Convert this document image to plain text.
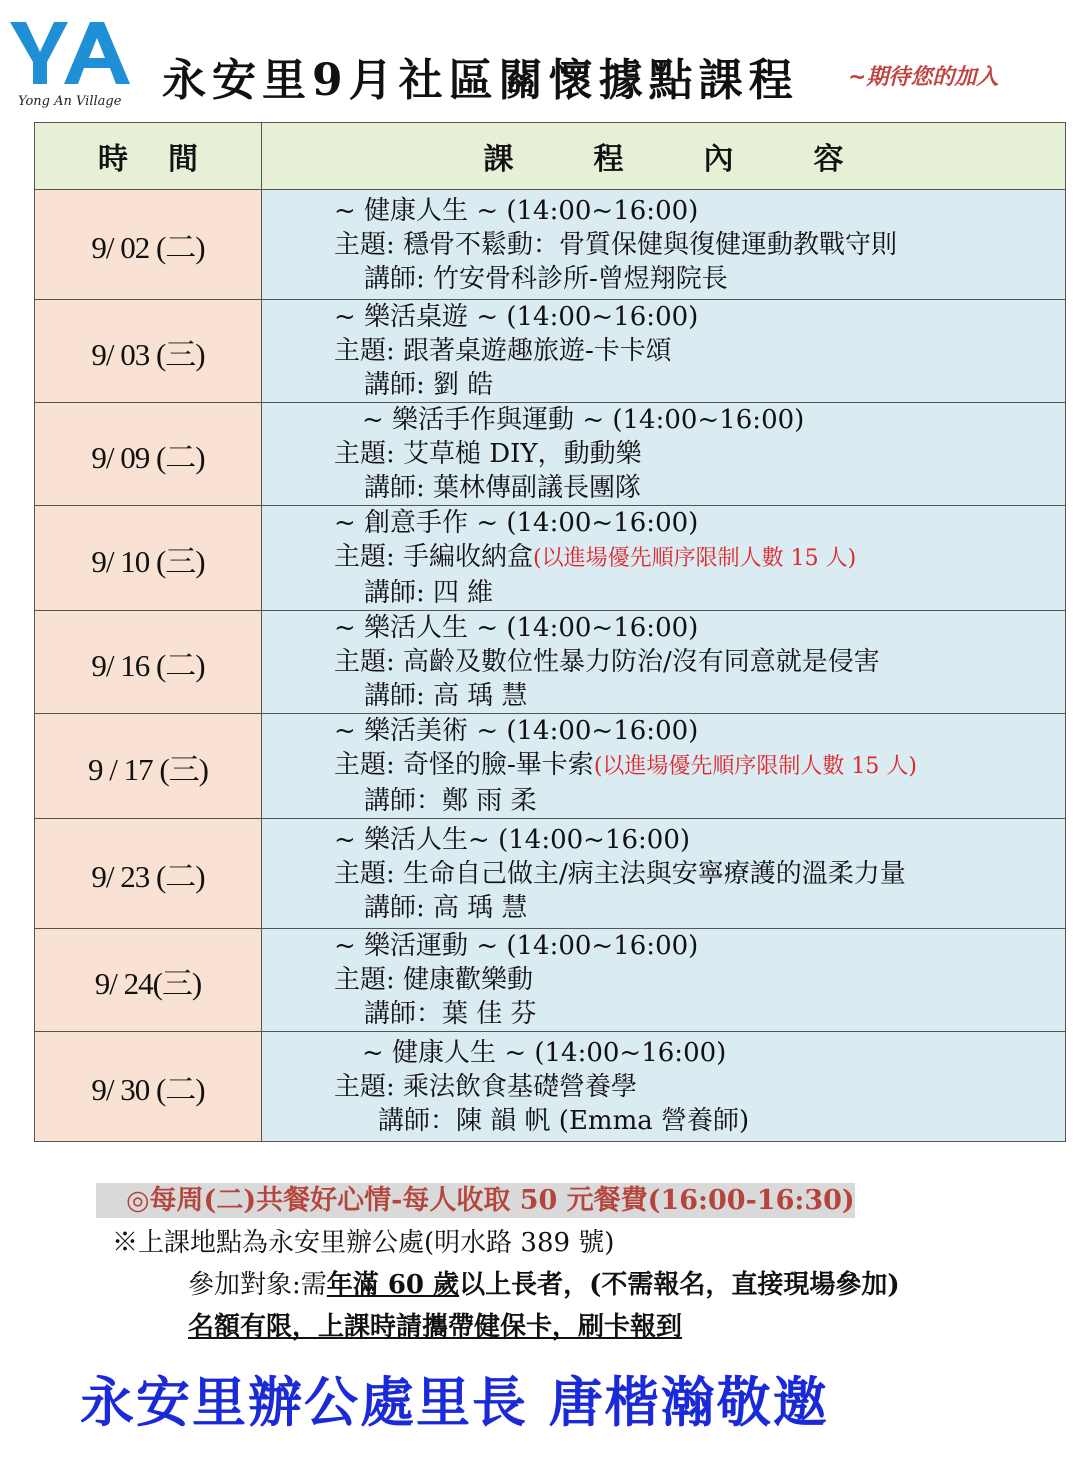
Yong An Village 永安里9月社區關懷據點課程 ~期待您的加入
時間	課程內容
9/ 02 (二)	~ 健康人生 ~ (14:00~16:00)
主題: 穩骨不鬆動：骨質保健與復健運動教戰守則
講師: 竹安骨科診所-曾煜翔院長

9/ 03 (三)	~ 樂活桌遊 ~ (14:00~16:00)
主題: 跟著桌遊趣旅遊-卡卡頌
講師: 劉 皓

9/ 09 (二)	~ 樂活手作與運動 ~ (14:00~16:00)
主題: 艾草槌 DIY，動動樂
講師: 葉林傳副議長團隊

9/ 10 (三)	~ 創意手作 ~ (14:00~16:00)
主題: 手編收納盒(以進場優先順序限制人數 15 人)
講師: 四 維

9/ 16 (二)	~ 樂活人生 ~ (14:00~16:00)
主題: 高齡及數位性暴力防治/沒有同意就是侵害
講師: 高 瑀 慧

9 / 17 (三)	~ 樂活美術 ~ (14:00~16:00)
主題: 奇怪的臉-畢卡索(以進場優先順序限制人數 15 人)
講師：鄭 雨 柔

9/ 23 (二)	~ 樂活人生~ (14:00~16:00)
主題: 生命自己做主/病主法與安寧療護的溫柔力量
講師: 高 瑀 慧

9/ 24(三)	~ 樂活運動 ~ (14:00~16:00)
主題: 健康歡樂動
講師：葉 佳 芬

9/ 30 (二)	~ 健康人生 ~ (14:00~16:00)
主題: 乘法飲食基礎營養學
講師：陳 韻 帆 (Emma 營養師)
◎每周(二)共餐好心情-每人收取 50 元餐費(16:00-16:30)
※上課地點為永安里辦公處(明水路 389 號)
參加對象:需年滿 60 歲以上長者，(不需報名，直接現場參加)
名額有限，上課時請攜帶健保卡，刷卡報到
永安里辦公處里長 唐楷瀚敬邀
